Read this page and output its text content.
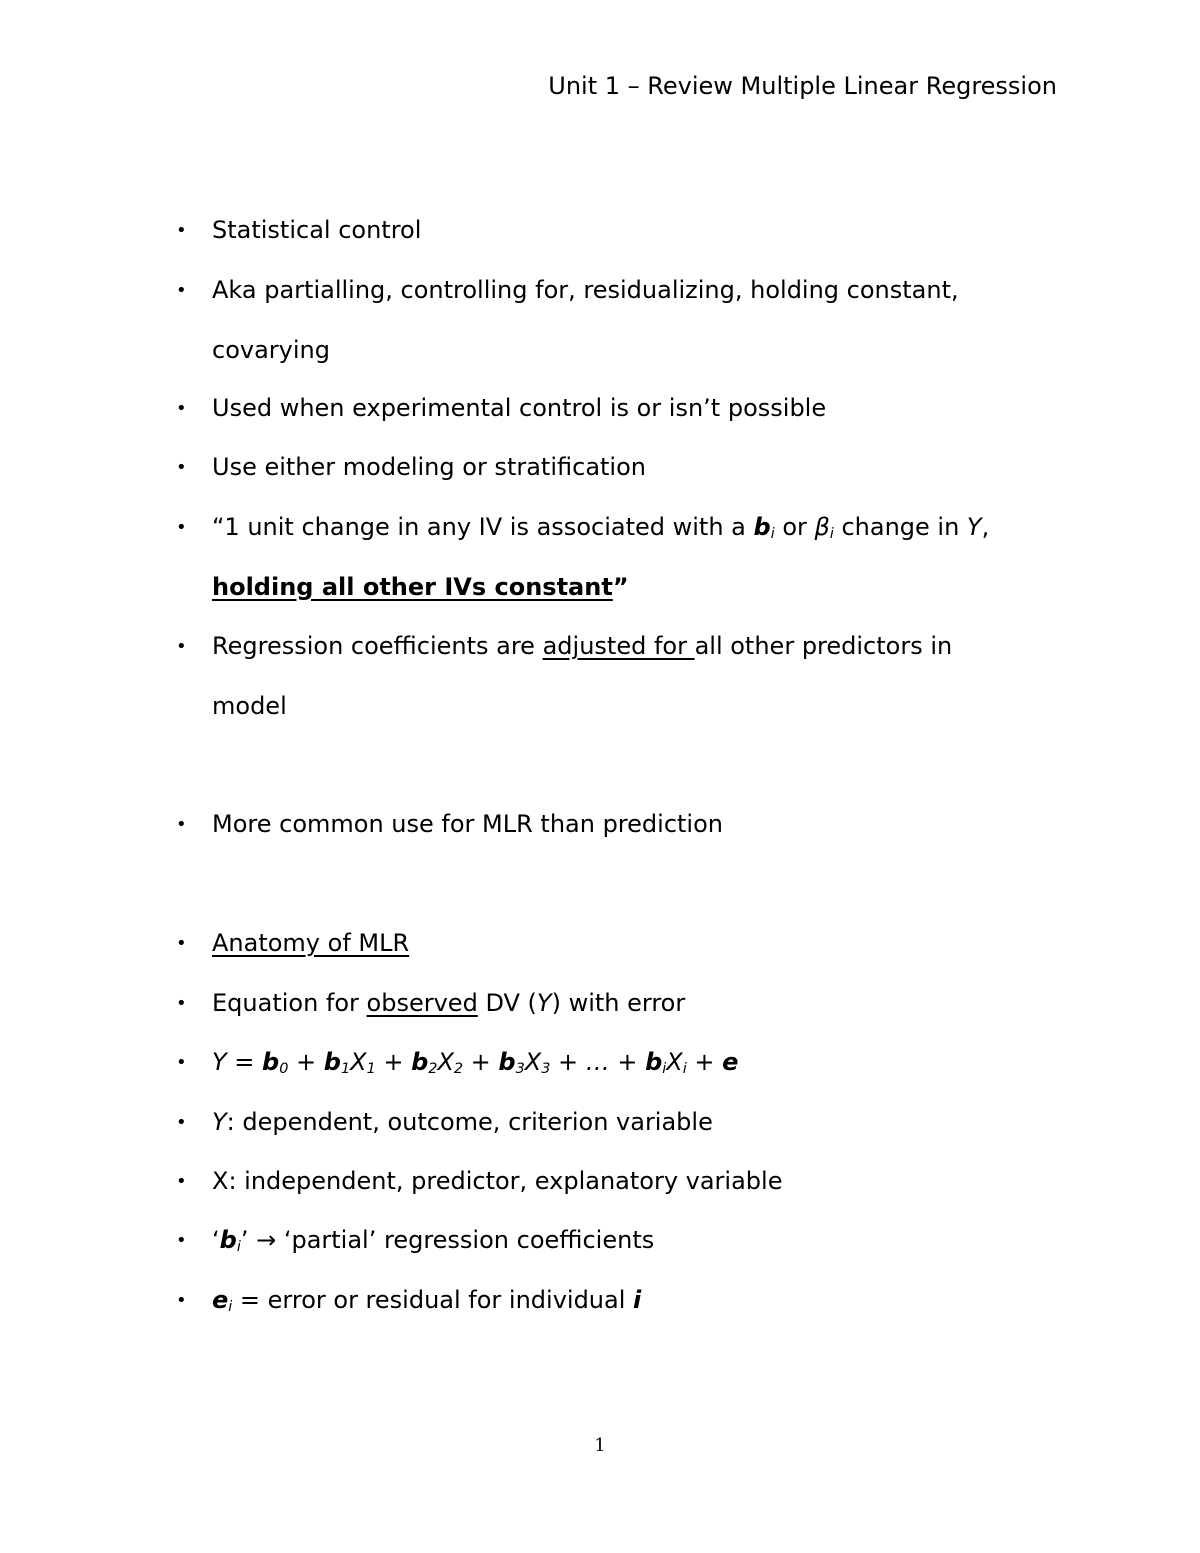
Unit 1 – Review Multiple Linear Regression
• Statistical control
• Aka partialling, controlling for, residualizing, holding constant,
covarying
• Used when experimental control is or isn’t possible
• Use either modeling or stratification
• “1 unit change in any IV is associated with a $b_i$ or $\beta_i$ change in Y,
holding all other IVs constant”
• Regression coefficients are adjusted for all other predictors in
model
• More common use for MLR than prediction
• Anatomy of MLR
• Equation for observed DV (Y) with error
• $Y = b_0 + b_1X_1 + b_2X_2 + b_3X_3$ + … + $b_iX_i + e$
• Y: dependent, outcome, criterion variable
• X: independent, predictor, explanatory variable
• ‘$b_i$’ → ‘partial’ regression coefficients
• $e_i$ = error or residual for individual i
1
